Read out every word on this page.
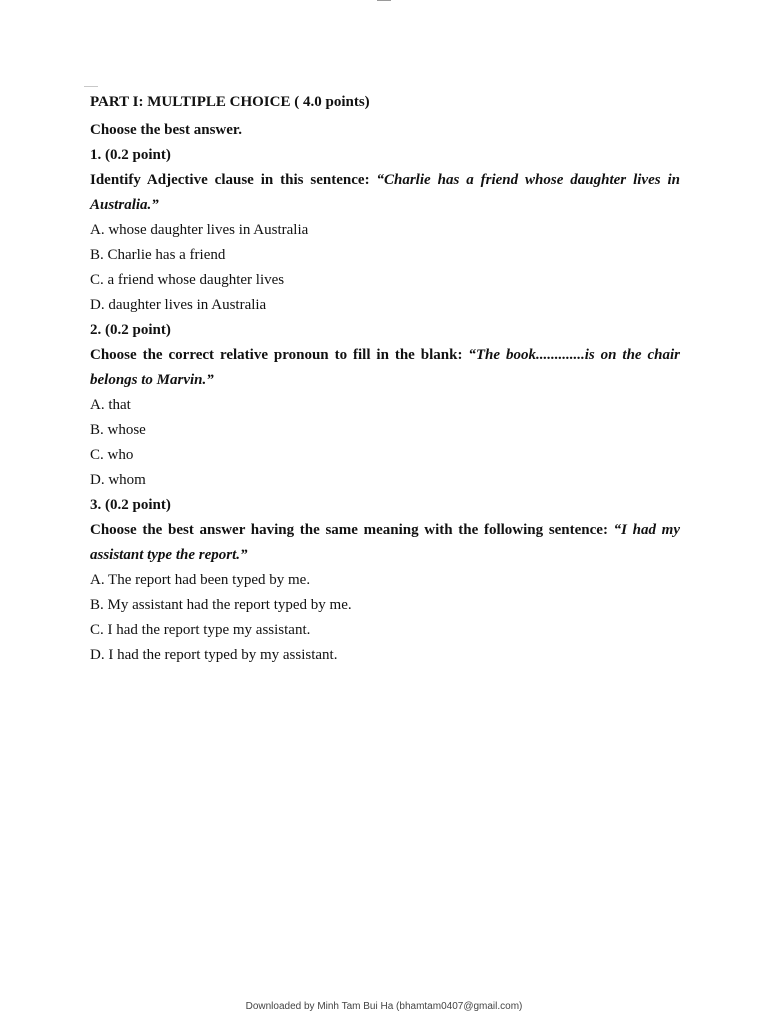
PART I: MULTIPLE CHOICE ( 4.0 points)
Choose the best answer.
1. (0.2 point)
Identify Adjective clause in this sentence: “Charlie has a friend whose daughter lives in Australia.”
A. whose daughter lives in Australia
B. Charlie has a friend
C. a friend whose daughter lives
D. daughter lives in Australia
2. (0.2 point)
Choose the correct relative pronoun to fill in the blank: “The book.............is on the chair belongs to Marvin.”
A. that
B. whose
C. who
D. whom
3. (0.2 point)
Choose the best answer having the same meaning with the following sentence: “I had my assistant type the report.”
A. The report had been typed by me.
B. My assistant had the report typed by me.
C. I had the report type my assistant.
D. I had the report typed by my assistant.
Downloaded by Minh Tam Bui Ha (bhamtam0407@gmail.com)
